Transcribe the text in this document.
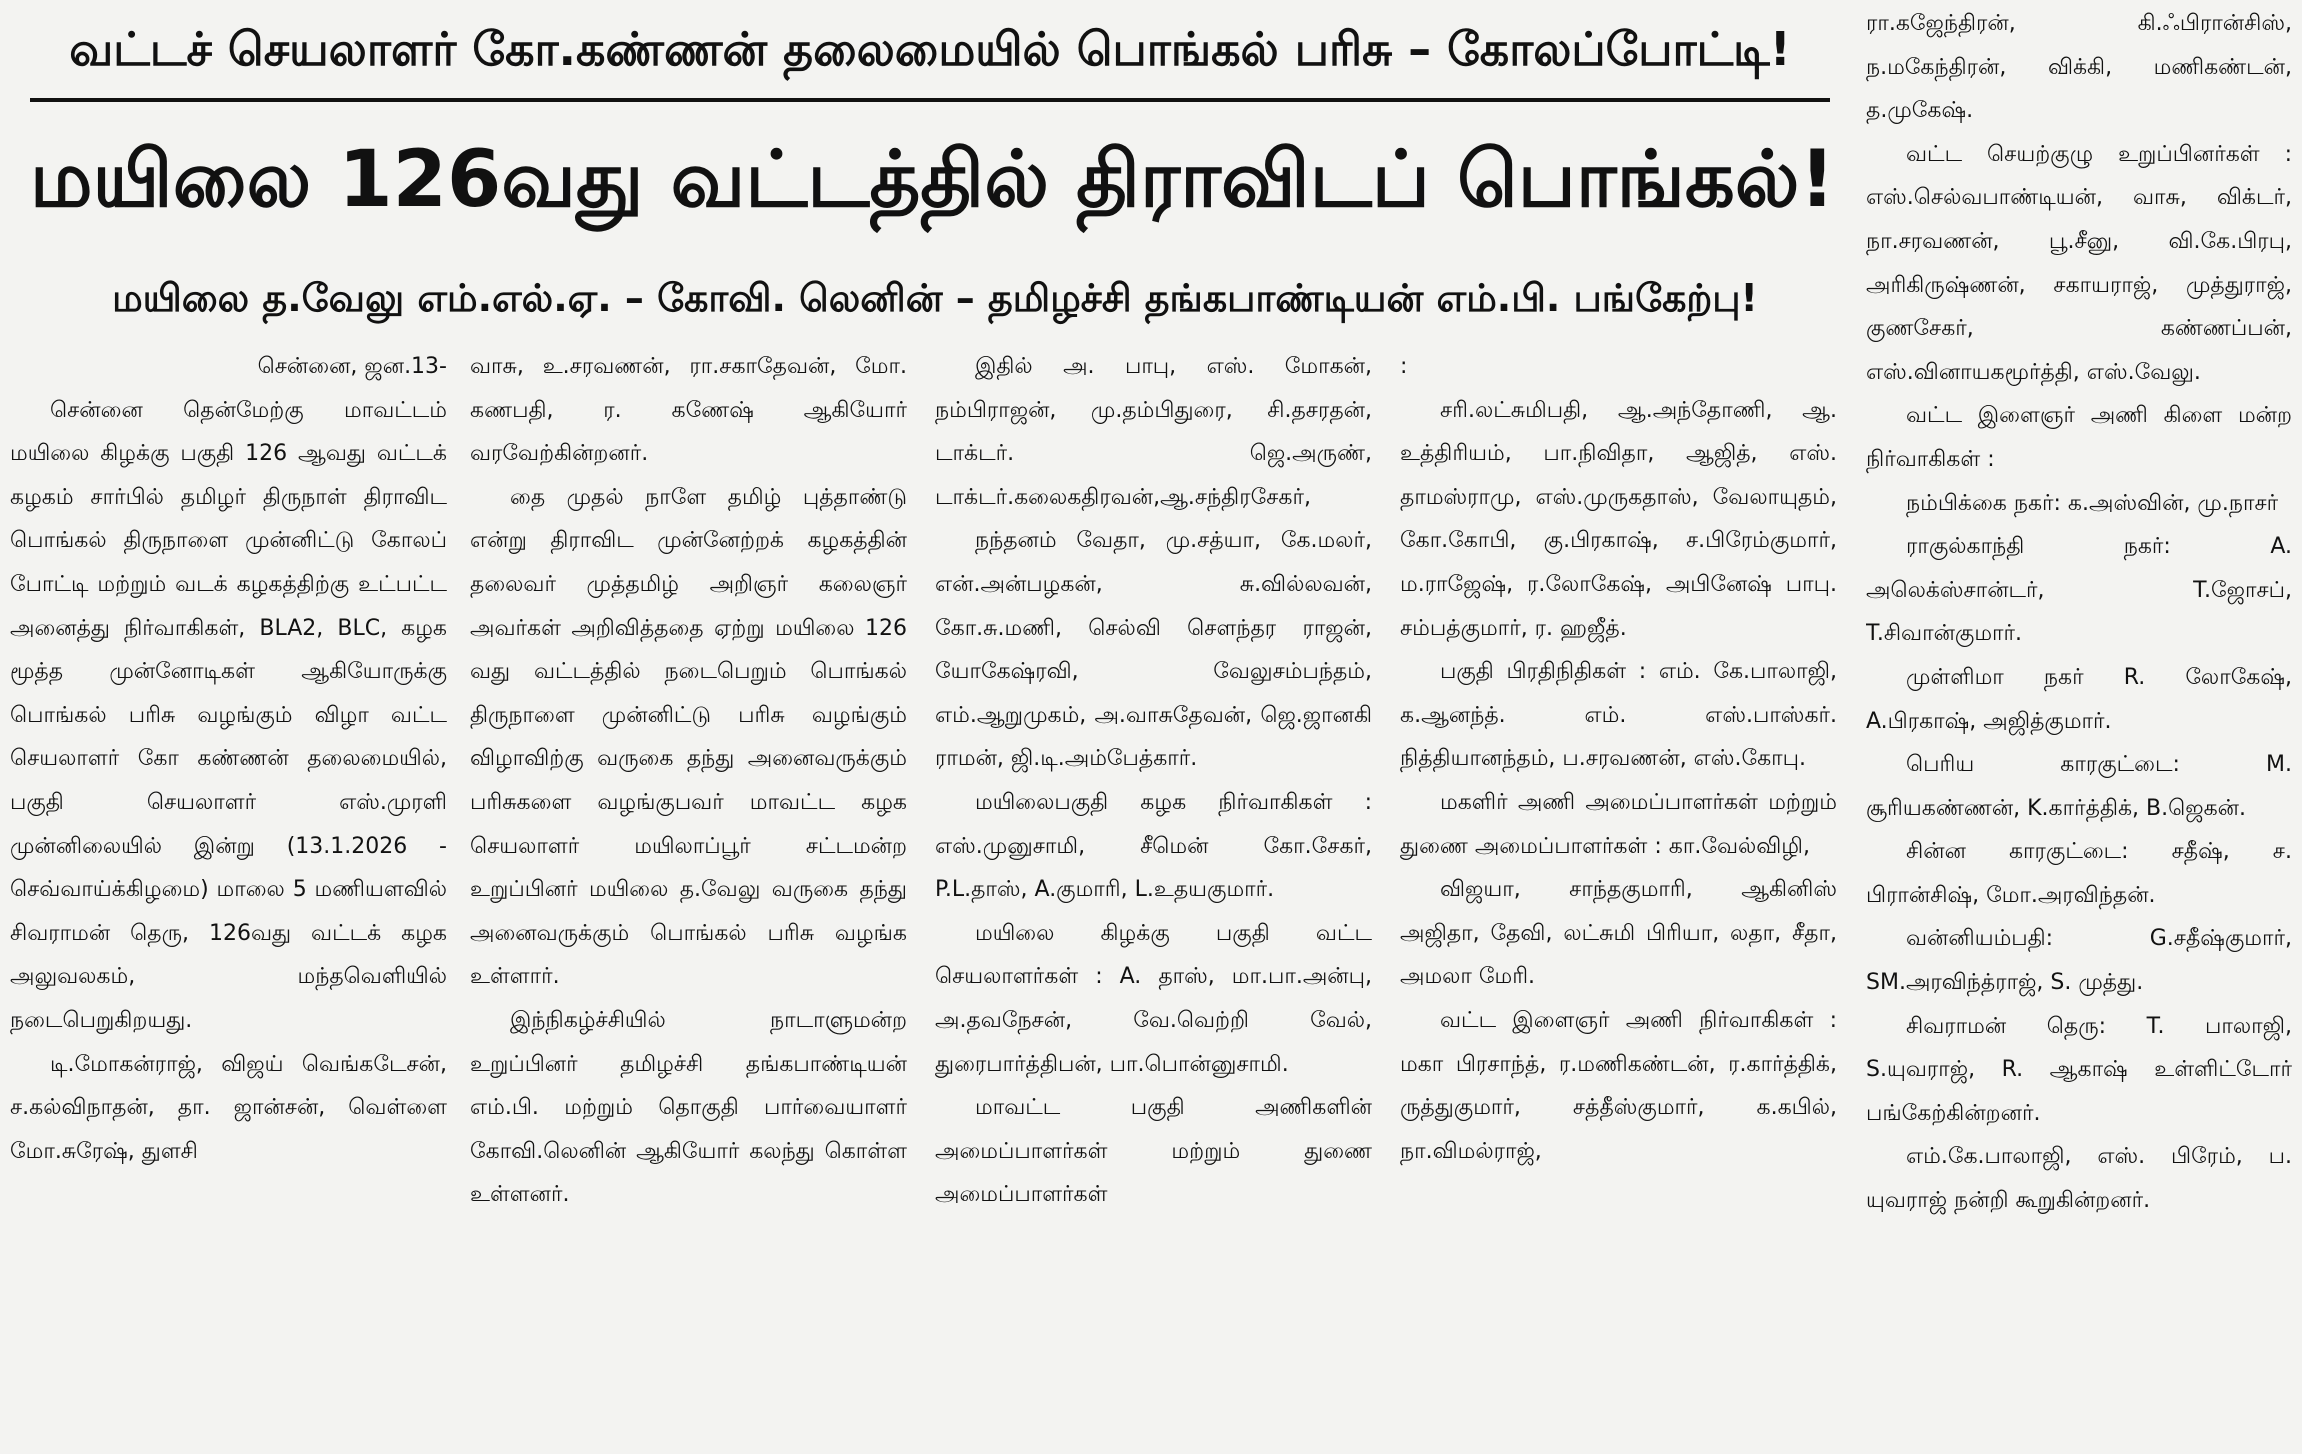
வட்டச் செயலாளர் கோ.கண்ணன் தலைமையில் பொங்கல் பரிசு – கோலப்போட்டி!
மயிலை 126வது வட்டத்தில் திராவிடப் பொங்கல்!
மயிலை த.வேலு எம்.எல்.ஏ. – கோவி. லெனின் – தமிழச்சி தங்கபாண்டியன் எம்.பி. பங்கேற்பு!

சென்னை, ஜன.13-

சென்னை தென்மேற்கு மாவட்டம் மயிலை கிழக்கு பகுதி 126 ஆவது வட்டக் கழகம் சார்பில் தமிழர் திருநாள் திராவிட பொங்கல் திருநாளை முன்னிட்டு கோலப் போட்டி மற்றும் வடக் கழகத்திற்கு உட்பட்ட அனைத்து நிர்வாகிகள், BLA2, BLC, கழக மூத்த முன்னோடிகள் ஆகியோருக்கு பொங்கல் பரிசு வழங்கும் விழா வட்ட செயலாளர் கோ கண்ணன் தலைமையில், பகுதி செயலாளர் எஸ்.முரளி முன்னிலையில் இன்று (13.1.2026 - செவ்வாய்க்கிழமை) மாலை 5 மணியளவில் சிவராமன் தெரு, 126வது வட்டக் கழக அலுவலகம், மந்தவெளியில் நடைபெறுகிறயது.

டி.மோகன்ராஜ், விஜய் வெங்கடேசன், ச.கல்விநாதன், தா. ஜான்சன், வெள்ளை மோ.சுரேஷ், துளசி

வாசு, உ.சரவணன், ரா.சகாதேவன், மோ. கணபதி, ர. கணேஷ் ஆகியோர் வரவேற்கின்றனர்.

தை முதல் நாளே தமிழ் புத்தாண்டு என்று திராவிட முன்னேற்றக் கழகத்தின் தலைவர் முத்தமிழ் அறிஞர் கலைஞர் அவர்கள் அறிவித்ததை ஏற்று மயிலை 126 வது வட்டத்தில் நடைபெறும் பொங்கல் திருநாளை முன்னிட்டு பரிசு வழங்கும் விழாவிற்கு வருகை தந்து அனைவருக்கும் பரிசுகளை வழங்குபவர் மாவட்ட கழக செயலாளர் மயிலாப்பூர் சட்டமன்ற உறுப்பினர் மயிலை த.வேலு வருகை தந்து அனைவருக்கும் பொங்கல் பரிசு வழங்க உள்ளார்.

இந்நிகழ்ச்சியில் நாடாளுமன்ற உறுப்பினர் தமிழச்சி தங்கபாண்டியன் எம்.பி. மற்றும் தொகுதி பார்வையாளர் கோவி.லெனின் ஆகியோர் கலந்து கொள்ள உள்ளனர்.

இதில் அ. பாபு, எஸ். மோகன், நம்பிராஜன், மு.தம்பிதுரை, சி.தசரதன், டாக்டர். ஜெ.அருண், டாக்டர்.கலைகதிரவன்,ஆ.சந்திரசேகர்,

நந்தனம் வேதா, மு.சத்யா, கே.மலர், என்.அன்பழகன், சு.வில்லவன், கோ.சு.மணி, செல்வி சௌந்தர ராஜன், யோகேஷ்ரவி, வேலுசம்பந்தம், எம்.ஆறுமுகம், அ.வாசுதேவன், ஜெ.ஜானகி ராமன், ஜி.டி.அம்பேத்கார்.

மயிலைபகுதி கழக நிர்வாகிகள் : எஸ்.முனுசாமி, சீமென் கோ.சேகர், P.L.தாஸ், A.குமாரி, L.உதயகுமார்.

மயிலை கிழக்கு பகுதி வட்ட செயலாளர்கள் : A. தாஸ், மா.பா.அன்பு, அ.தவநேசன், வே.வெற்றி வேல், துரைபார்த்திபன், பா.பொன்னுசாமி.

மாவட்ட பகுதி அணிகளின் அமைப்பாளர்கள் மற்றும் துணை அமைப்பாளர்கள்

:

சரி.லட்சுமிபதி, ஆ.அந்தோணி, ஆ. உத்திரியம், பா.நிவிதா, ஆஜித், எஸ். தாமஸ்ராமு, எஸ்.முருகதாஸ், வேலாயுதம், கோ.கோபி, கு.பிரகாஷ், ச.பிரேம்குமார், ம.ராஜேஷ், ர.லோகேஷ், அபினேஷ் பாபு. சம்பத்குமார், ர. ஹஜீத்.

பகுதி பிரதிநிதிகள் : எம். கே.பாலாஜி, க.ஆனந்த். எம். எஸ்.பாஸ்கர். நித்தியானந்தம், ப.சரவணன், எஸ்.கோபு.

மகளிர் அணி அமைப்பாளர்கள் மற்றும் துணை அமைப்பாளர்கள் : கா.வேல்விழி,

விஜயா, சாந்தகுமாரி, ஆகினிஸ் அஜிதா, தேவி, லட்சுமி பிரியா, லதா, சீதா, அமலா மேரி.

வட்ட இளைஞர் அணி நிர்வாகிகள் : மகா பிரசாந்த், ர.மணிகண்டன், ர.கார்த்திக், ருத்துகுமார், சத்தீஸ்குமார், க.கபில், நா.விமல்ராஜ்,

ரா.கஜேந்திரன், கி.ஃபிரான்சிஸ், ந.மகேந்திரன், விக்கி, மணிகண்டன், த.முகேஷ்.

வட்ட செயற்குழு உறுப்பினர்கள் : எஸ்.செல்வபாண்டியன், வாசு, விக்டர், நா.சரவணன், பூ.சீனு, வி.கே.பிரபு, அரிகிருஷ்ணன், சகாயராஜ், முத்துராஜ், குணசேகர், கண்ணப்பன், எஸ்.வினாயகமூர்த்தி, எஸ்.வேலு.

வட்ட இளைஞர் அணி கிளை மன்ற நிர்வாகிகள் :

நம்பிக்கை நகர்: க.அஸ்வின், மு.நாசர்

ராகுல்காந்தி நகர்: A. அலெக்ஸ்சான்டர், T.ஜோசப், T.சிவான்குமார்.

முள்ளிமா நகர் R. லோகேஷ், A.பிரகாஷ், அஜித்குமார்.

பெரிய காரகுட்டை: M. சூரியகண்ணன், K.கார்த்திக், B.ஜெகன்.

சின்ன காரகுட்டை: சதீஷ், ச. பிரான்சிஷ், மோ.அரவிந்தன்.

வன்னியம்பதி: G.சதீஷ்குமார், SM.அரவிந்த்ராஜ், S. முத்து.

சிவராமன் தெரு: T. பாலாஜி, S.யுவராஜ், R. ஆகாஷ் உள்ளிட்டோர் பங்கேற்கின்றனர்.

எம்.கே.பாலாஜி, எஸ். பிரேம், ப. யுவராஜ் நன்றி கூறுகின்றனர்.
